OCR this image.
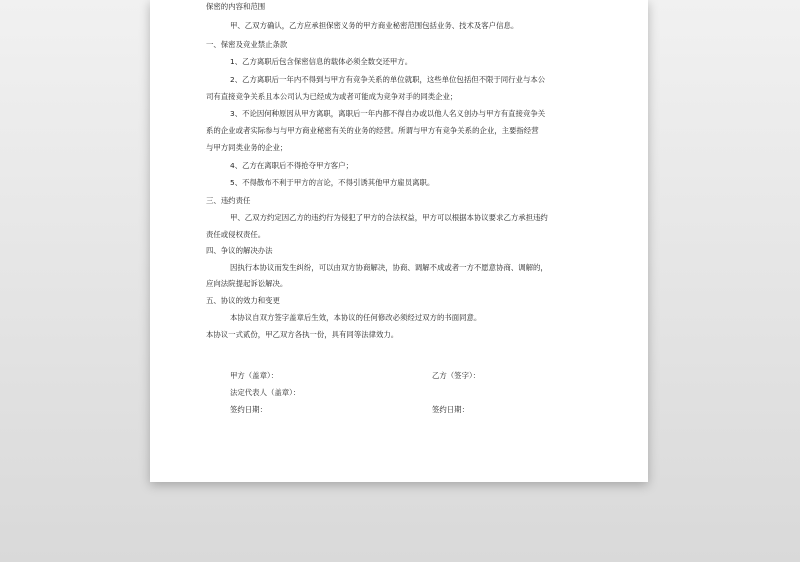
保密的内容和范围
甲、乙双方确认，乙方应承担保密义务的甲方商业秘密范围包括业务、技术及客户信息。
一、保密及竞业禁止条款
1、乙方离职后包含保密信息的载体必须全数交还甲方。
2、乙方离职后一年内不得到与甲方有竞争关系的单位就职，这些单位包括但不限于同行业与本公
司有直接竞争关系且本公司认为已经成为或者可能成为竞争对手的同类企业；
3、不论因何种原因从甲方离职，离职后一年内都不得自办或以他人名义创办与甲方有直接竞争关
系的企业或者实际参与与甲方商业秘密有关的业务的经营。所谓与甲方有竞争关系的企业，主要指经营
与甲方同类业务的企业；
4、乙方在离职后不得抢夺甲方客户；
5、不得散布不利于甲方的言论，不得引诱其他甲方雇员离职。
三、违约责任
甲、乙双方约定因乙方的违约行为侵犯了甲方的合法权益，甲方可以根据本协议要求乙方承担违约
责任或侵权责任。
四、争议的解决办法
因执行本协议而发生纠纷，可以由双方协商解决，协商、调解不成或者一方不愿意协商、调解的，
应向法院提起诉讼解决。
五、协议的效力和变更
本协议自双方签字盖章后生效，本协议的任何修改必须经过双方的书面同意。
本协议一式贰份，甲乙双方各执一份，具有同等法律效力。
甲方（盖章）：	乙方（签字）：
法定代表人（盖章）：
签约日期：	签约日期：
